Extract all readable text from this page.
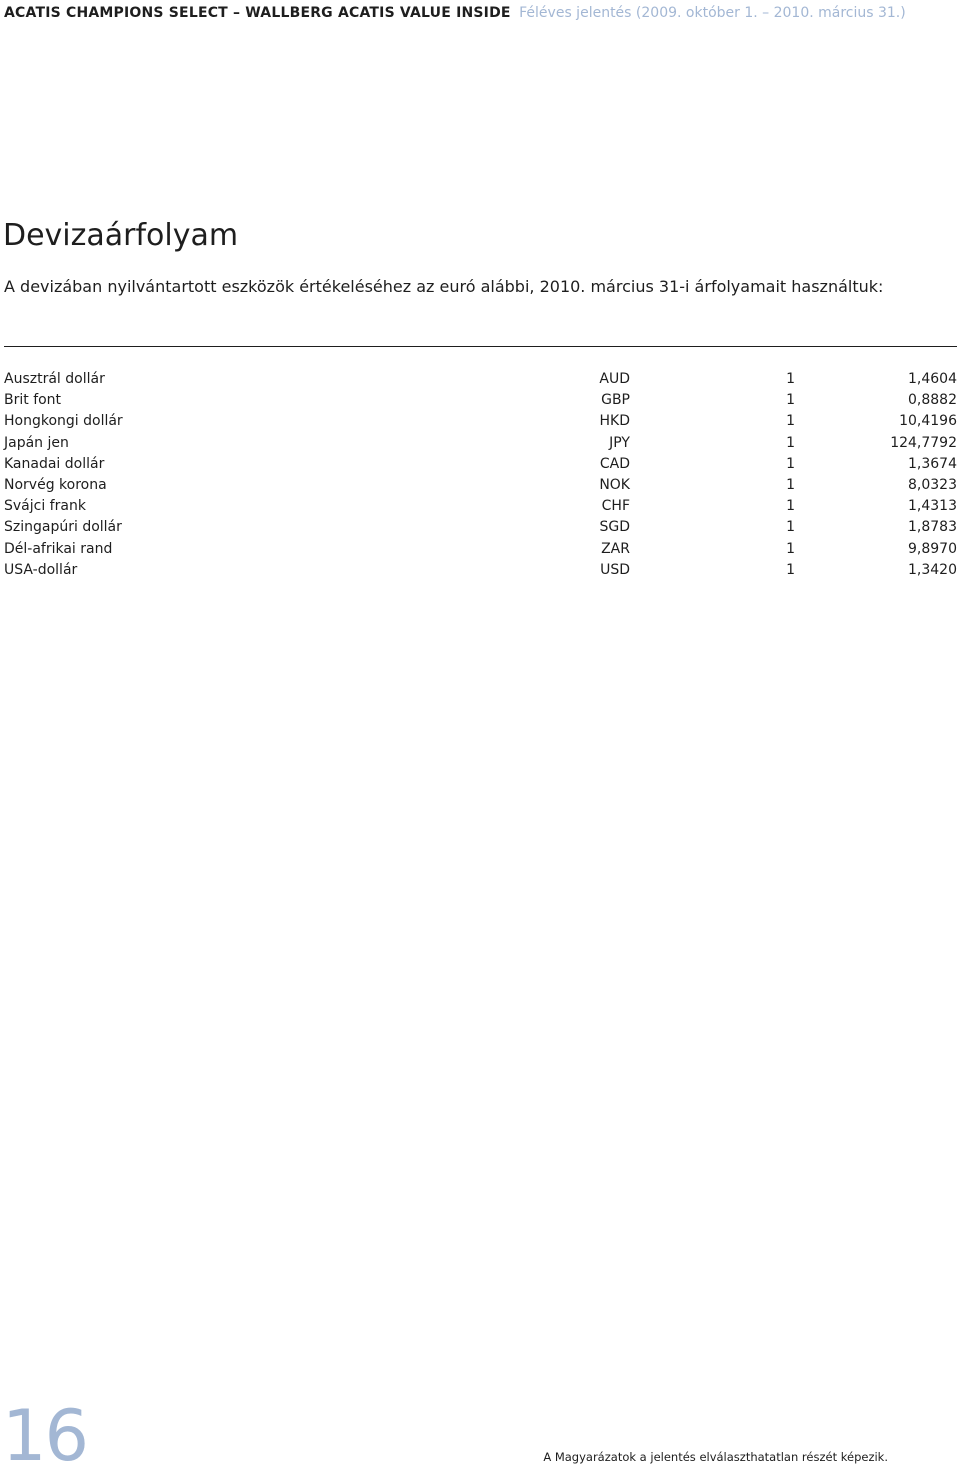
ACATIS CHAMPIONS SELECT – WALLBERG ACATIS VALUE INSIDE Féléves jelentés (2009. október 1. – 2010. március 31.)
Devizaárfolyam

A devizában nyilvántartott eszközök értékeléséhez az euró alábbi, 2010. március 31-i árfolyamait használtuk:

Ausztrál dollár	AUD	1	1,4604
Brit font	GBP	1	0,8882
Hongkongi dollár	HKD	1	10,4196
Japán jen	JPY	1	124,7792
Kanadai dollár	CAD	1	1,3674
Norvég korona	NOK	1	8,0323
Svájci frank	CHF	1	1,4313
Szingapúri dollár	SGD	1	1,8783
Dél-afrikai rand	ZAR	1	9,8970
USA-dollár	USD	1	1,3420
16	A Magyarázatok a jelentés elválaszthatatlan részét képezik.
